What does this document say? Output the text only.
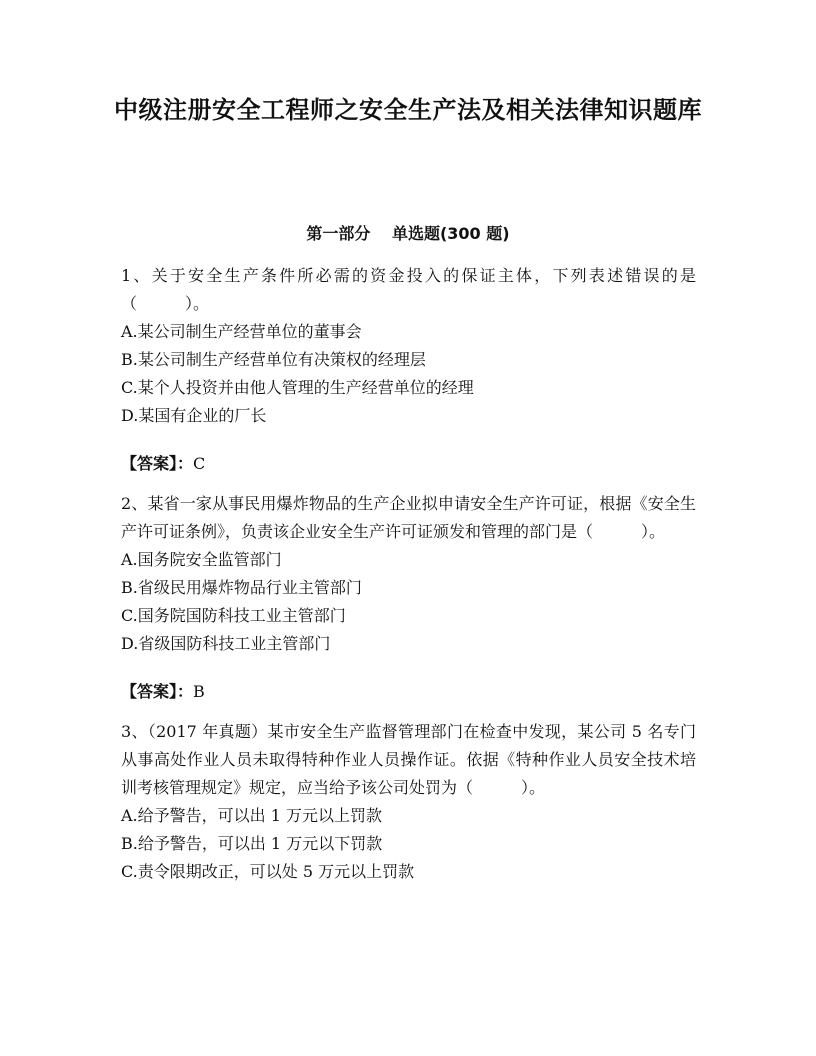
中级注册安全工程师之安全生产法及相关法律知识题库
第一部分　 单选题(300 题)

1、关于安全生产条件所必需的资金投入的保证主体，下列表述错误的是（　　　）。

A.某公司制生产经营单位的董事会

B.某公司制生产经营单位有决策权的经理层

C.某个人投资并由他人管理的生产经营单位的经理

D.某国有企业的厂长

【答案】：C

2、某省一家从事民用爆炸物品的生产企业拟申请安全生产许可证，根据《安全生产许可证条例》，负责该企业安全生产许可证颁发和管理的部门是（　　　）。

A.国务院安全监管部门

B.省级民用爆炸物品行业主管部门

C.国务院国防科技工业主管部门

D.省级国防科技工业主管部门

【答案】：B

3、（2017 年真题）某市安全生产监督管理部门在检查中发现，某公司 5 名专门从事高处作业人员未取得特种作业人员操作证。依据《特种作业人员安全技术培训考核管理规定》规定，应当给予该公司处罚为（　　　）。

A.给予警告，可以出 1 万元以上罚款

B.给予警告，可以出 1 万元以下罚款

C.责令限期改正，可以处 5 万元以上罚款
